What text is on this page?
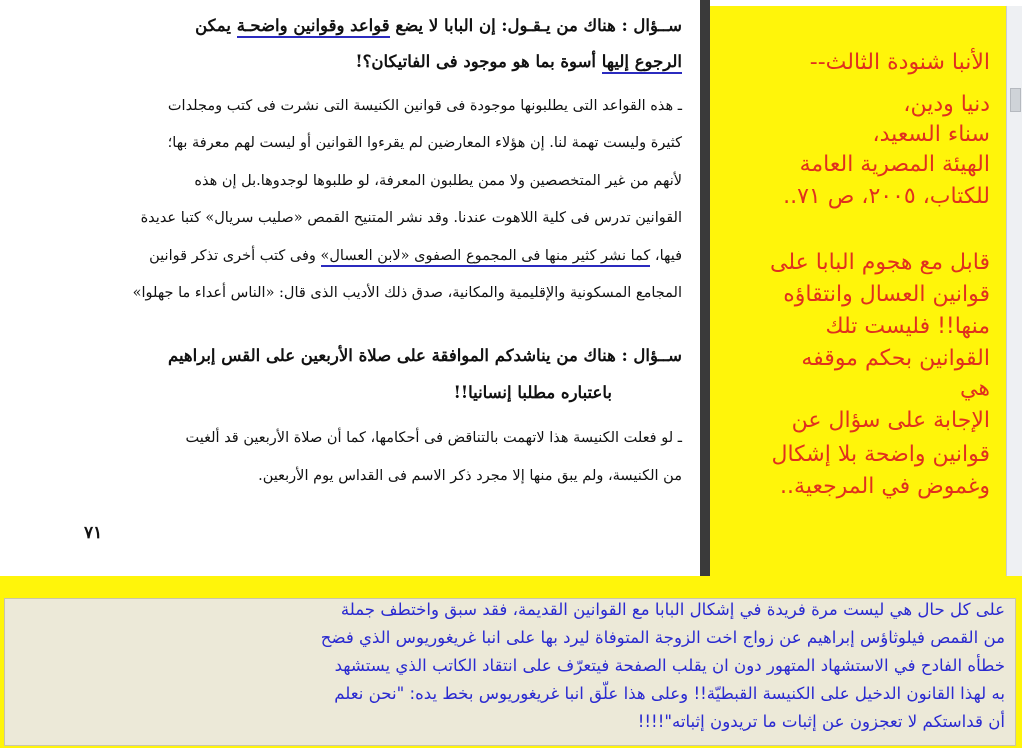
ســؤال : هناك من يـقـول: إن البابا لا يضع قواعد وقوانين واضحـة يمكن
الرجوع إليها أسوة بما هو موجود فى الفاتيكان؟!
ـ هذه القواعد التى يطلبونها موجودة فى قوانين الكنيسة التى نشرت فى كتب ومجلدات
كثيرة وليست تهمة لنا. إن هؤلاء المعارضين لم يقرءوا القوانين أو ليست لهم معرفة بها؛
لأنهم من غير المتخصصين ولا ممن يطلبون المعرفة، لو طلبوها لوجدوها.بل إن هذه
القوانين تدرس فى كلية اللاهوت عندنا. وقد نشر المتنيح القمص «صليب سريال» كتبا عديدة
فيها، كما نشر كثير منها فى المجموع الصفوى «لابن العسال» وفى كتب أخرى تذكر قوانين
المجامع المسكونية والإقليمية والمكانية، صدق ذلك الأديب الذى قال: «الناس أعداء ما جهلوا»
ســؤال : هناك من يناشدكم الموافقة على صلاة الأربعين على القس إبراهيم
باعتباره مطلبا إنسانيا!!
ـ لو فعلت الكنيسة هذا لاتهمت بالتناقض فى أحكامها، كما أن صلاة الأربعين قد ألغيت
من الكنيسة، ولم يبق منها إلا مجرد ذكر الاسم فى القداس يوم الأربعين.
٧١
الأنبا شنودة الثالث--
دنيا ودين،
سناء السعيد،
الهيئة المصرية العامة
للكتاب، ٢٠٠٥، ص ٧١..
قابل مع هجوم البابا على
قوانين العسال وانتقاؤه
منها!! فليست تلك
القوانين بحكم موقفه
هي
الإجابة على سؤال عن
قوانين واضحة بلا إشكال
وغموض في المرجعية..
على كل حال هي ليست مرة فريدة في إشكال البابا مع القوانين القديمة، فقد سبق واختطف جملة
من القمص فيلوثاؤس إبراهيم عن زواج اخت الزوجة المتوفاة ليرد بها على انبا غريغوريوس الذي فضح
خطأه الفادح في الاستشهاد المتهور دون ان يقلب الصفحة فيتعرّف على انتقاد الكاتب الذي يستشهد
به لهذا القانون الدخيل على الكنيسة القبطيّة!! وعلى هذا علّق انبا غريغوريوس بخط يده: "نحن نعلم
أن قداستكم لا تعجزون عن إثبات ما تريدون إثباته"!!!!
